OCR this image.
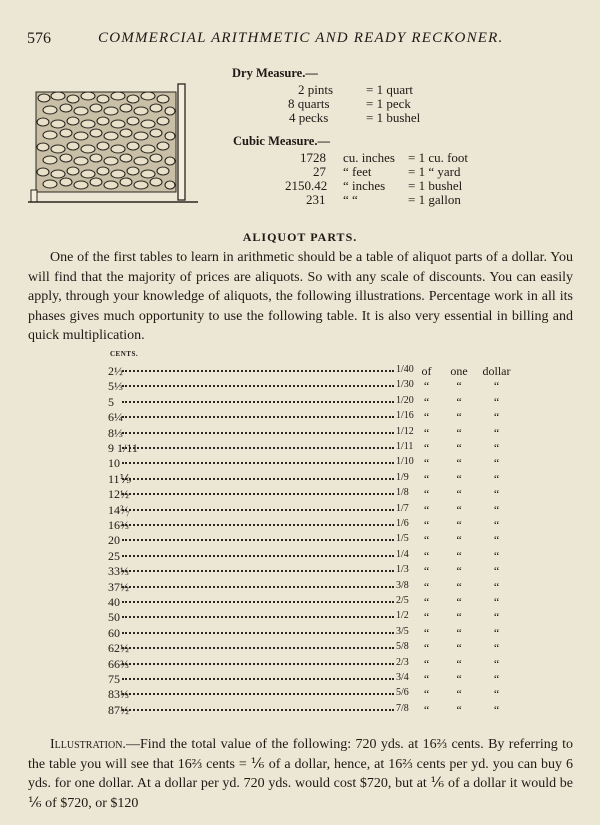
576	COMMERCIAL ARITHMETIC AND READY RECKONER.
Dry Measure.—
2 pints	= 1 quart
8 quarts	= 1 peck
4 pecks	= 1 bushel
Cubic Measure.—
1728 cu. inches = 1 cu. foot
27 “ feet	= 1 “ yard
2150.42 “ inches = 1 bushel
231 “ “	= 1 gallon
ALIQUOT PARTS.

One of the first tables to learn in arithmetic should be a table of aliquot parts of a dollar. You will find that the majority of prices are aliquots. So with any scale of discounts. You can easily apply, through your knowledge of aliquots, the following illustrations. Percentage work in all its phases gives much opportunity to use the following table. It is also very essential in billing and quick multiplication.

CENTS.
2½	1/40 of	one	dollar
5⅓	1/30 “	“	“
5	1/20 “	“	“
6¼	1/16 “	“	“
8⅓	1/12 “	“	“
9 1/11	1/11 “	“	“
10	1/10 “	“	“
11⅑	1/9	“	“	“
12½	1/8	“	“	“
14²⁄₇	1/7	“	“	“
16⅔	1/6	“	“	“
20	1/5	“	“	“
25	1/4	“	“	“
33⅓	1/3	“	“	“
37½	3/8	“	“	“
40	2/5	“	“	“
50	1/2	“	“	“
60	3/5	“	“	“
62½	5/8	“	“	“
66⅔	2/3	“	“	“
75	3/4	“	“	“
83⅓	5/6	“	“	“
87½	7/8	“	“	“

Illustration.—Find the total value of the following: 720 yds. at 16⅔ cents. By referring to the table you will see that 16⅔ cents = ⅙ of a dollar, hence, at 16⅔ cents per yd. you can buy 6 yds. for one dollar. At a dollar per yd. 720 yds. would cost $720, but at ⅙ of a dollar it would be ⅙ of $720, or $120
